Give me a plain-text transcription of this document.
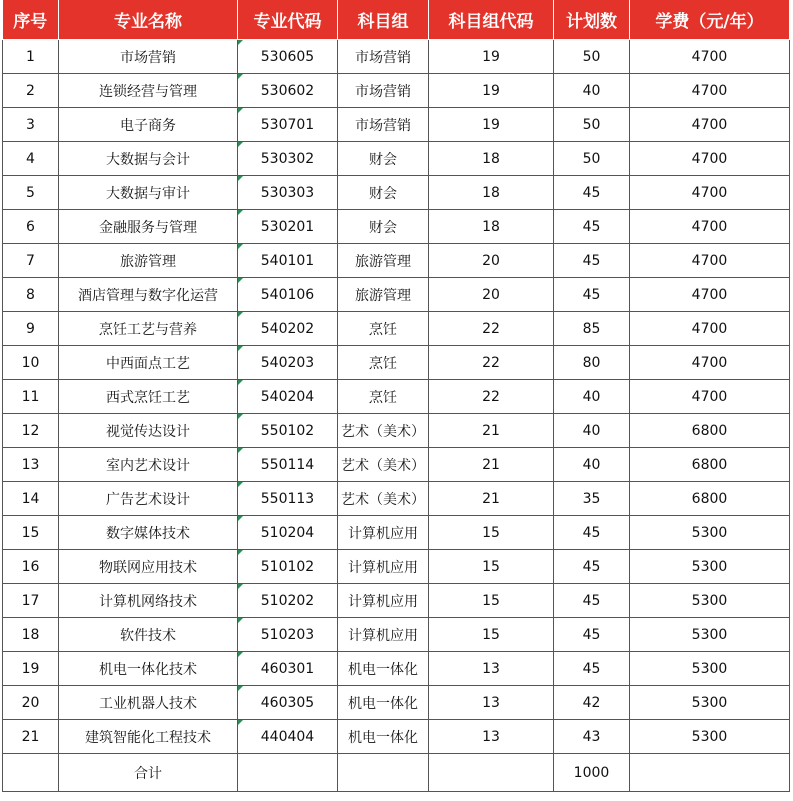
序号	专业名称	专业代码	科目组	科目组代码	计划数	学费（元/年）
1	市场营销	530605	市场营销	19	50	4700
2	连锁经营与管理	530602	市场营销	19	40	4700
3	电子商务	530701	市场营销	19	50	4700
4	大数据与会计	530302	财会	18	50	4700
5	大数据与审计	530303	财会	18	45	4700
6	金融服务与管理	530201	财会	18	45	4700
7	旅游管理	540101	旅游管理	20	45	4700
8	酒店管理与数字化运营	540106	旅游管理	20	45	4700
9	烹饪工艺与营养	540202	烹饪	22	85	4700
10	中西面点工艺	540203	烹饪	22	80	4700
11	西式烹饪工艺	540204	烹饪	22	40	4700
12	视觉传达设计	550102	艺术（美术）	21	40	6800
13	室内艺术设计	550114	艺术（美术）	21	40	6800
14	广告艺术设计	550113	艺术（美术）	21	35	6800
15	数字媒体技术	510204	计算机应用	15	45	5300
16	物联网应用技术	510102	计算机应用	15	45	5300
17	计算机网络技术	510202	计算机应用	15	45	5300
18	软件技术	510203	计算机应用	15	45	5300
19	机电一体化技术	460301	机电一体化	13	45	5300
20	工业机器人技术	460305	机电一体化	13	42	5300
21	建筑智能化工程技术	440404	机电一体化	13	43	5300
	合计				1000	
